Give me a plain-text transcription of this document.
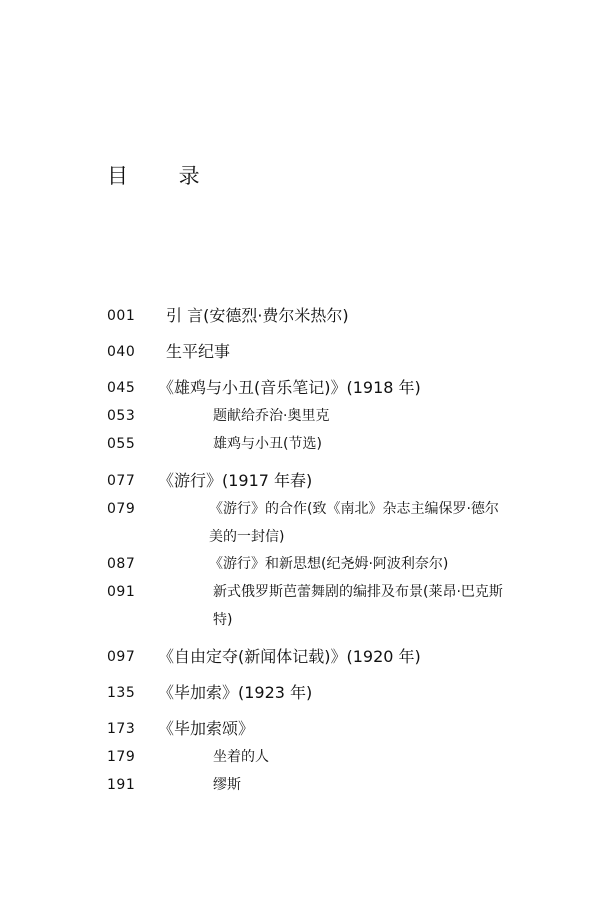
目 录
001 引 言(安德烈·费尔米热尔)
040 生平纪事
045 《雄鸡与小丑(音乐笔记)》(1918 年)
053	题献给乔治·奥里克
055	雄鸡与小丑(节选)
077 《游行》(1917 年春)
079	《游行》的合作(致《南北》杂志主编保罗·德尔美的一封信)
087	《游行》和新思想(纪尧姆·阿波利奈尔)
091	新式俄罗斯芭蕾舞剧的编排及布景(莱昂·巴克斯特)
097 《自由定夺(新闻体记载)》(1920 年)
135 《毕加索》(1923 年)
173 《毕加索颂》
179	坐着的人
191	缪斯
